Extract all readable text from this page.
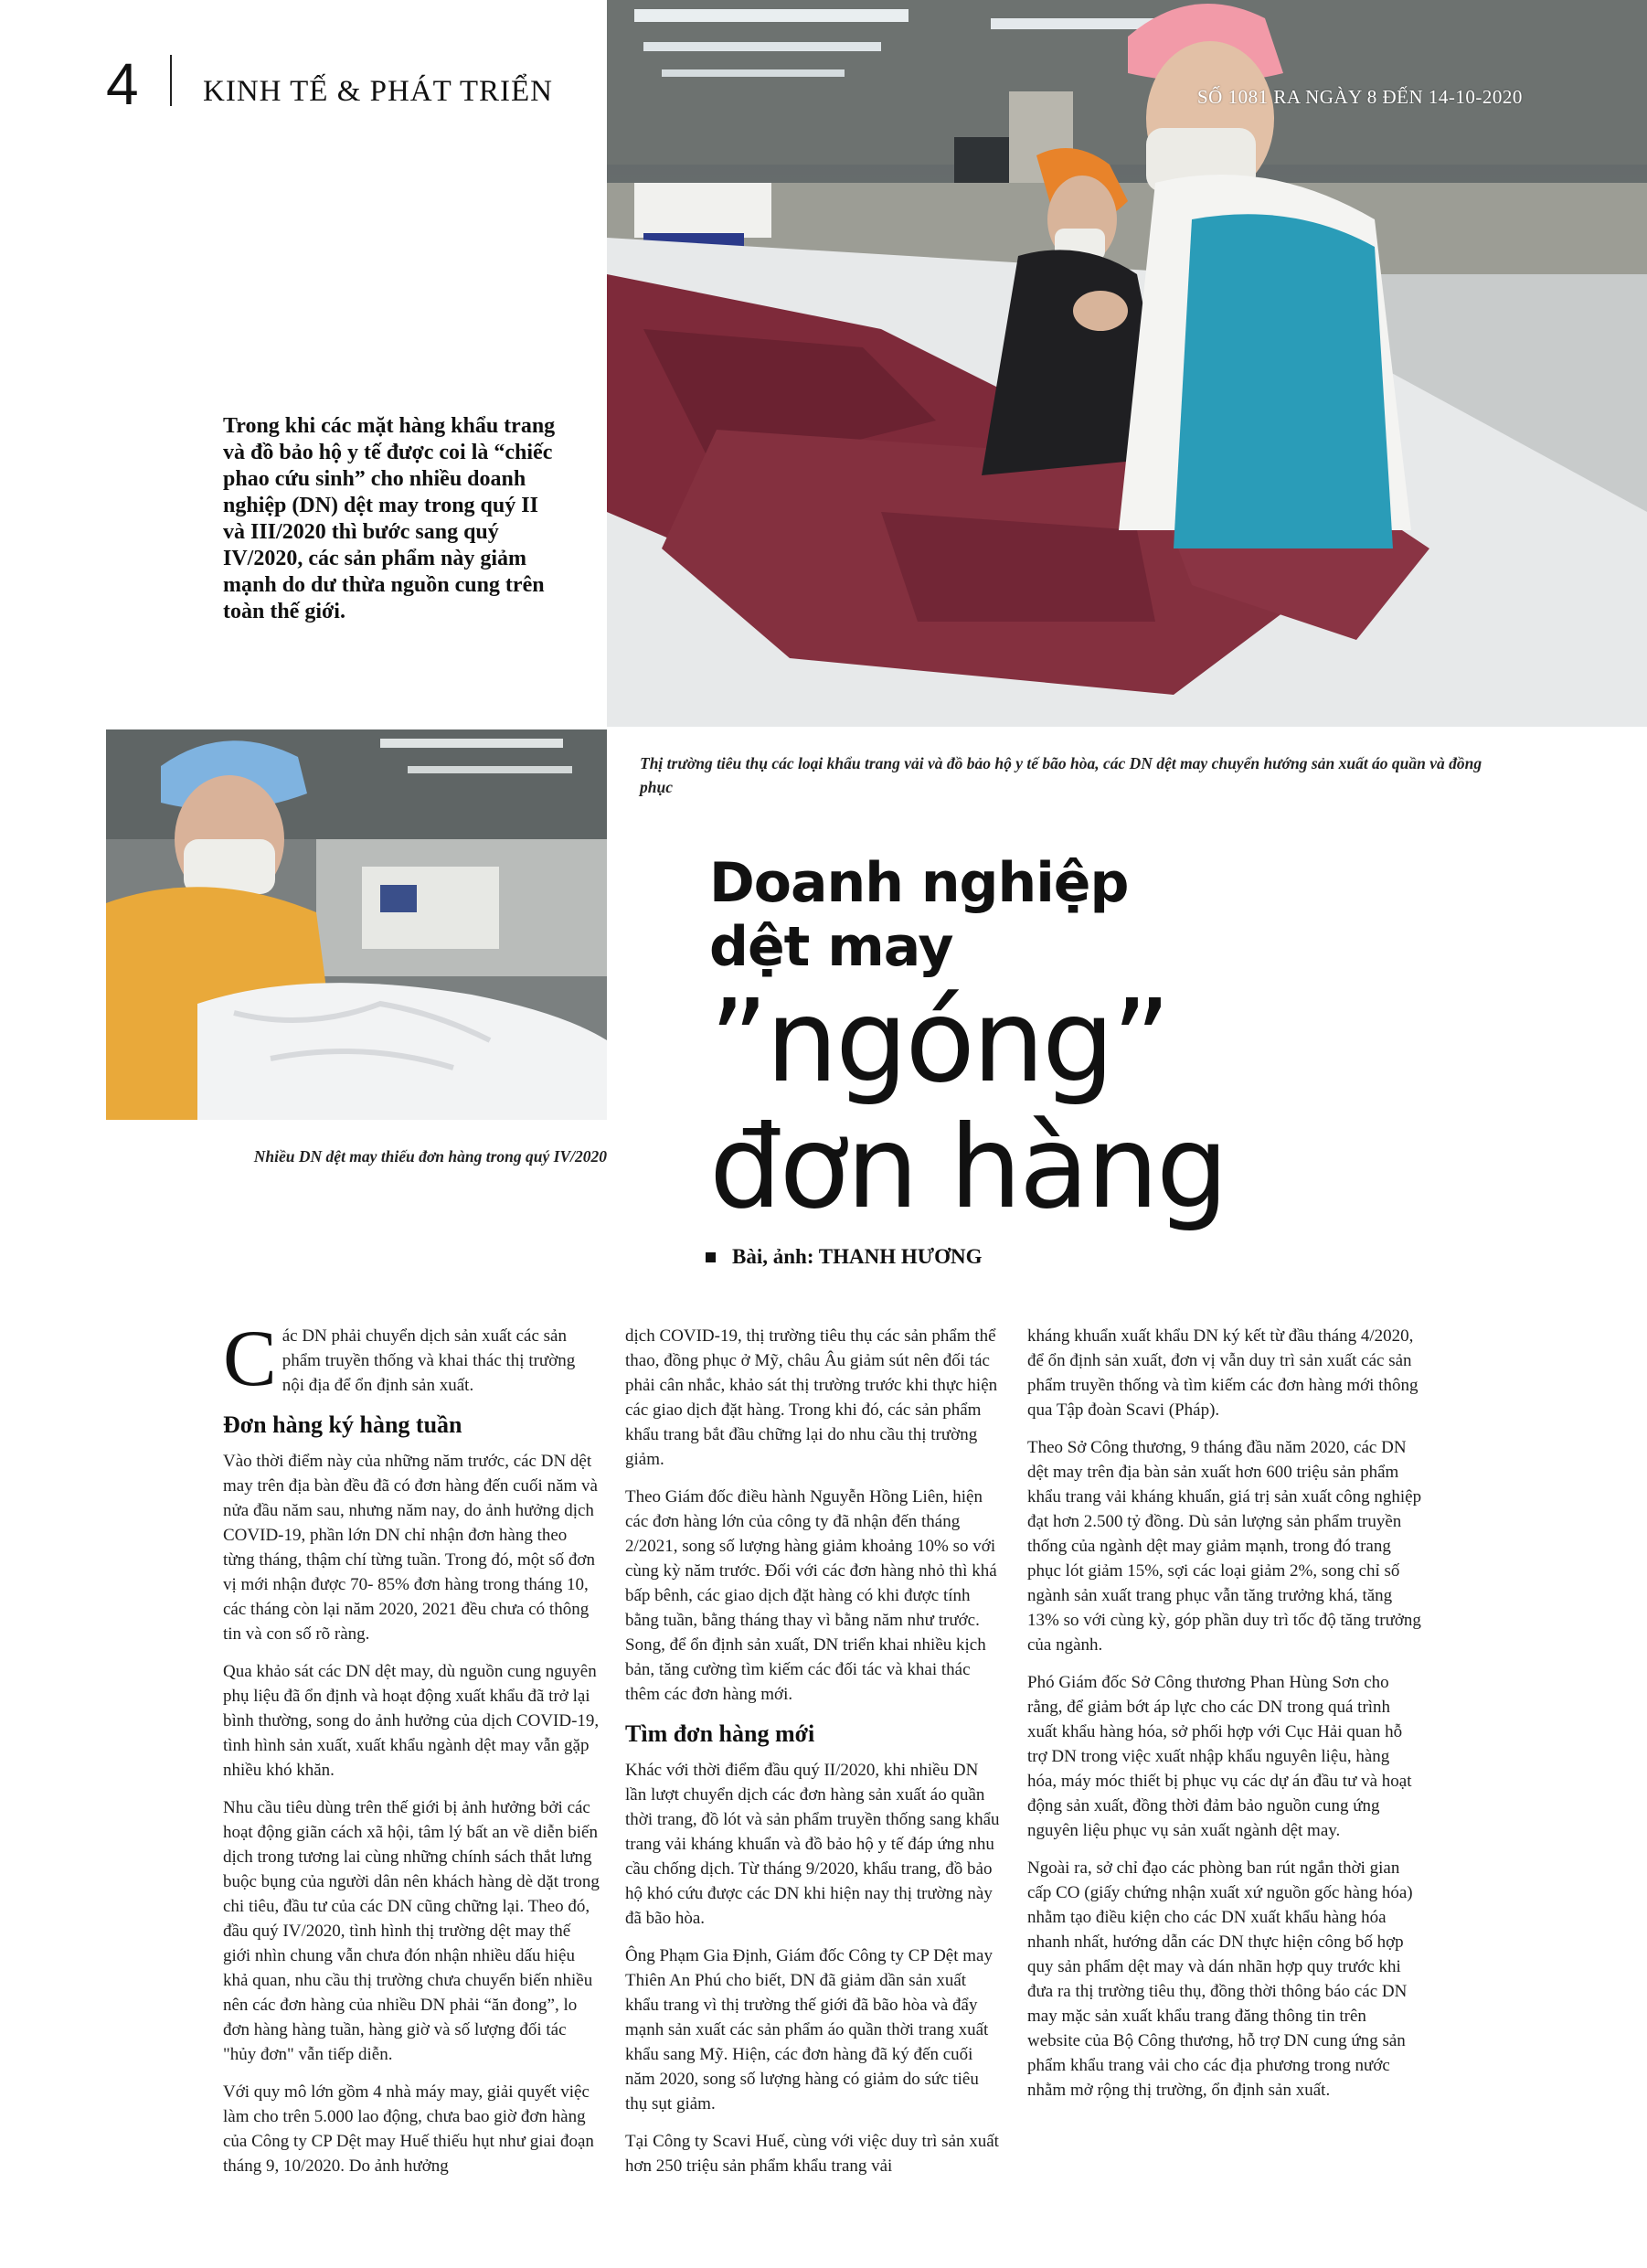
4 KINH TẾ & PHÁT TRIỂN	SỐ 1081 RA NGÀY 8 ĐẾN 14-10-2020
Trong khi các mặt hàng khẩu trang và đồ bảo hộ y tế được coi là “chiếc phao cứu sinh” cho nhiều doanh nghiệp (DN) dệt may trong quý II và III/2020 thì bước sang quý IV/2020, các sản phẩm này giảm mạnh do dư thừa nguồn cung trên toàn thế giới.
Thị trường tiêu thụ các loại khẩu trang vải và đồ bảo hộ y tế bão hòa, các DN dệt may chuyển hướng sản xuất áo quần và đồng phục
Nhiều DN dệt may thiếu đơn hàng trong quý IV/2020
Doanh nghiệp
dệt may
”ngóng”
đơn hàng
Bài, ảnh: THANH HƯƠNG

Các DN phải chuyển dịch sản xuất các sản phẩm truyền thống và khai thác thị trường nội địa để ổn định sản xuất.

Đơn hàng ký hàng tuần

Vào thời điểm này của những năm trước, các DN dệt may trên địa bàn đều đã có đơn hàng đến cuối năm và nửa đầu năm sau, nhưng năm nay, do ảnh hưởng dịch COVID-19, phần lớn DN chỉ nhận đơn hàng theo từng tháng, thậm chí từng tuần. Trong đó, một số đơn vị mới nhận được 70- 85% đơn hàng trong tháng 10, các tháng còn lại năm 2020, 2021 đều chưa có thông tin và con số rõ ràng.

Qua khảo sát các DN dệt may, dù nguồn cung nguyên phụ liệu đã ổn định và hoạt động xuất khẩu đã trở lại bình thường, song do ảnh hưởng của dịch COVID-19, tình hình sản xuất, xuất khẩu ngành dệt may vẫn gặp nhiều khó khăn.

Nhu cầu tiêu dùng trên thế giới bị ảnh hưởng bởi các hoạt động giãn cách xã hội, tâm lý bất an về diễn biến dịch trong tương lai cùng những chính sách thắt lưng buộc bụng của người dân nên khách hàng dè dặt trong chi tiêu, đầu tư của các DN cũng chững lại. Theo đó, đầu quý IV/2020, tình hình thị trường dệt may thế giới nhìn chung vẫn chưa đón nhận nhiều dấu hiệu khả quan, nhu cầu thị trường chưa chuyển biến nhiều nên các đơn hàng của nhiều DN phải “ăn đong”, lo đơn hàng hàng tuần, hàng giờ và số lượng đối tác "hủy đơn" vẫn tiếp diễn.

Với quy mô lớn gồm 4 nhà máy may, giải quyết việc làm cho trên 5.000 lao động, chưa bao giờ đơn hàng của Công ty CP Dệt may Huế thiếu hụt như giai đoạn tháng 9, 10/2020. Do ảnh hưởng

dịch COVID-19, thị trường tiêu thụ các sản phẩm thể thao, đồng phục ở Mỹ, châu Âu giảm sút nên đối tác phải cân nhắc, khảo sát thị trường trước khi thực hiện các giao dịch đặt hàng. Trong khi đó, các sản phẩm khẩu trang bắt đầu chững lại do nhu cầu thị trường giảm.

Theo Giám đốc điều hành Nguyễn Hồng Liên, hiện các đơn hàng lớn của công ty đã nhận đến tháng 2/2021, song số lượng hàng giảm khoảng 10% so với cùng kỳ năm trước. Đối với các đơn hàng nhỏ thì khá bấp bênh, các giao dịch đặt hàng có khi được tính bằng tuần, bằng tháng thay vì bằng năm như trước. Song, để ổn định sản xuất, DN triển khai nhiều kịch bản, tăng cường tìm kiếm các đối tác và khai thác thêm các đơn hàng mới.

Tìm đơn hàng mới

Khác với thời điểm đầu quý II/2020, khi nhiều DN lần lượt chuyển dịch các đơn hàng sản xuất áo quần thời trang, đồ lót và sản phẩm truyền thống sang khẩu trang vải kháng khuẩn và đồ bảo hộ y tế đáp ứng nhu cầu chống dịch. Từ tháng 9/2020, khẩu trang, đồ bảo hộ khó cứu được các DN khi hiện nay thị trường này đã bão hòa.

Ông Phạm Gia Định, Giám đốc Công ty CP Dệt may Thiên An Phú cho biết, DN đã giảm dần sản xuất khẩu trang vì thị trường thế giới đã bão hòa và đẩy mạnh sản xuất các sản phẩm áo quần thời trang xuất khẩu sang Mỹ. Hiện, các đơn hàng đã ký đến cuối năm 2020, song số lượng hàng có giảm do sức tiêu thụ sụt giảm.

Tại Công ty Scavi Huế, cùng với việc duy trì sản xuất hơn 250 triệu sản phẩm khẩu trang vải

kháng khuẩn xuất khẩu DN ký kết từ đầu tháng 4/2020, để ổn định sản xuất, đơn vị vẫn duy trì sản xuất các sản phẩm truyền thống và tìm kiếm các đơn hàng mới thông qua Tập đoàn Scavi (Pháp).

Theo Sở Công thương, 9 tháng đầu năm 2020, các DN dệt may trên địa bàn sản xuất hơn 600 triệu sản phẩm khẩu trang vải kháng khuẩn, giá trị sản xuất công nghiệp đạt hơn 2.500 tỷ đồng. Dù sản lượng sản phẩm truyền thống của ngành dệt may giảm mạnh, trong đó trang phục lót giảm 15%, sợi các loại giảm 2%, song chỉ số ngành sản xuất trang phục vẫn tăng trưởng khá, tăng 13% so với cùng kỳ, góp phần duy trì tốc độ tăng trưởng của ngành.

Phó Giám đốc Sở Công thương Phan Hùng Sơn cho rằng, để giảm bớt áp lực cho các DN trong quá trình xuất khẩu hàng hóa, sở phối hợp với Cục Hải quan hỗ trợ DN trong việc xuất nhập khẩu nguyên liệu, hàng hóa, máy móc thiết bị phục vụ các dự án đầu tư và hoạt động sản xuất, đồng thời đảm bảo nguồn cung ứng nguyên liệu phục vụ sản xuất ngành dệt may.

Ngoài ra, sở chỉ đạo các phòng ban rút ngắn thời gian cấp CO (giấy chứng nhận xuất xứ nguồn gốc hàng hóa) nhằm tạo điều kiện cho các DN xuất khẩu hàng hóa nhanh nhất, hướng dẫn các DN thực hiện công bố hợp quy sản phẩm dệt may và dán nhãn hợp quy trước khi đưa ra thị trường tiêu thụ, đồng thời thông báo các DN may mặc sản xuất khẩu trang đăng thông tin trên website của Bộ Công thương, hỗ trợ DN cung ứng sản phẩm khẩu trang vải cho các địa phương trong nước nhằm mở rộng thị trường, ổn định sản xuất.
